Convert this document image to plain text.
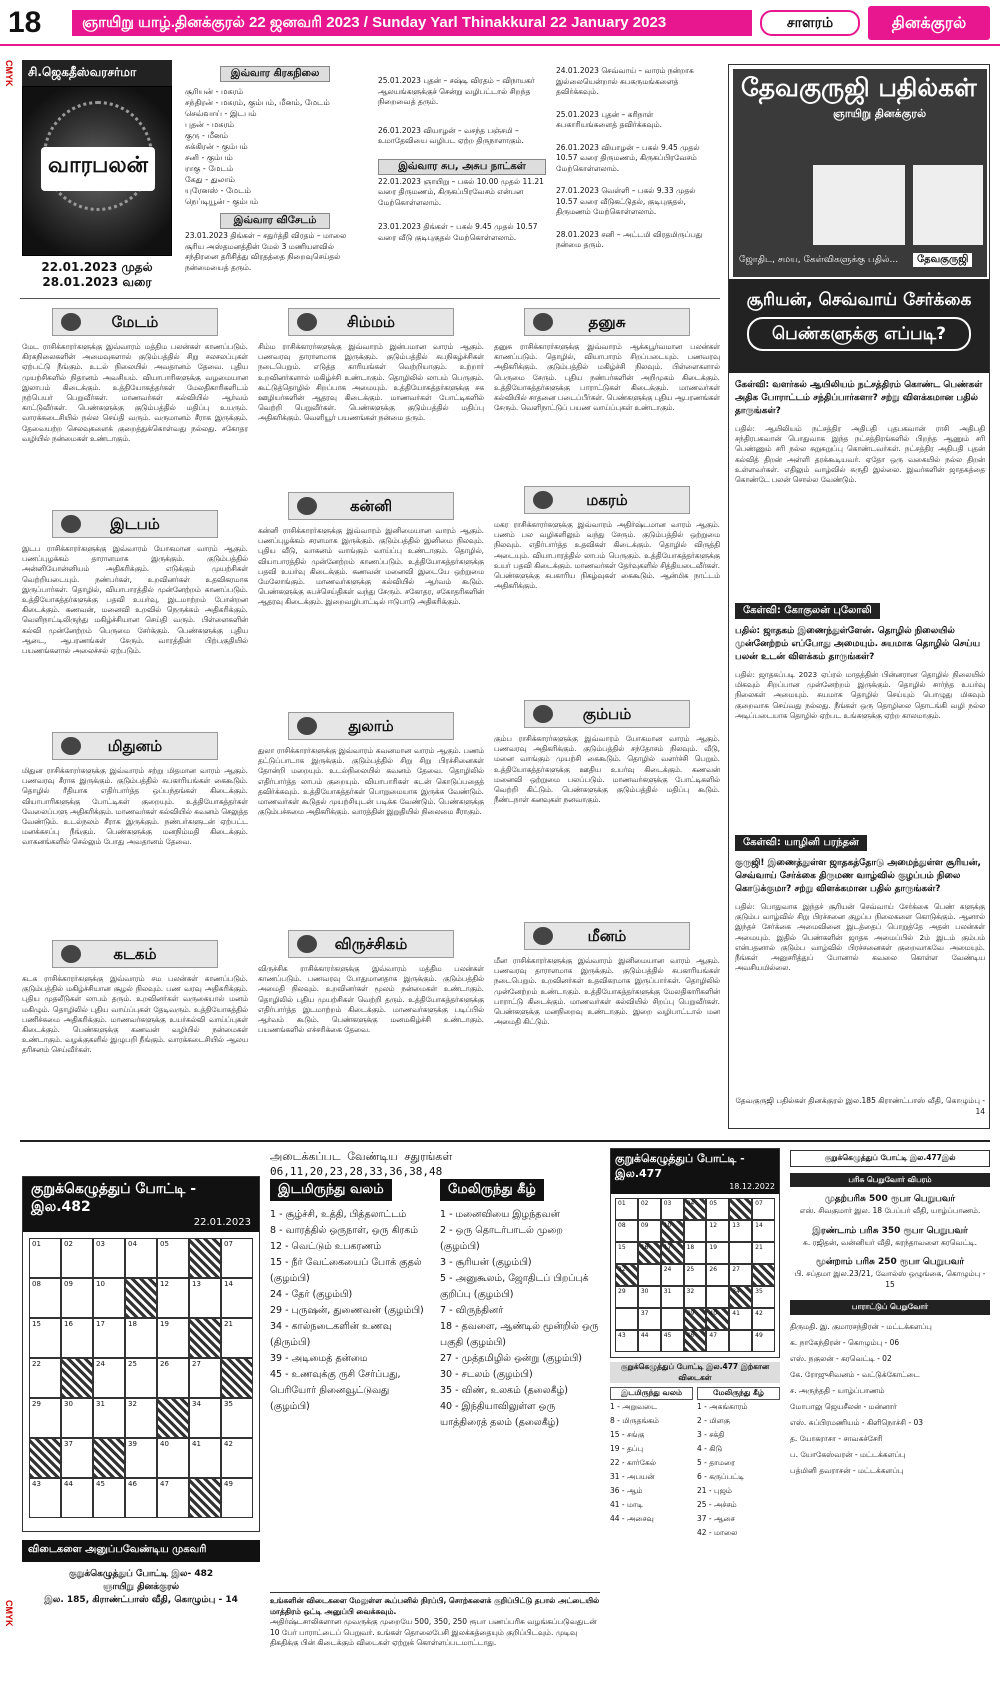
18	ஞாயிறு யாழ்.தினக்குரல் 22 ஜனவரி 2023 / Sunday Yarl Thinakkural 22 January 2023	சாளரம்	தினக்குரல்
CMYK
CMYK
சி.ஜெகதீஸ்வரசர்மா
வாரபலன்
22.01.2023 முதல்
28.01.2023 வரை
இவ்வார கிரகநிலை
சூரியன் - மகரம்
சந்திரன் - மகரம், கும்பம், மீனம், மேடம்
செவ்வாய் - இடபம்
புதன் - மகரம்
குரு - மீனம்
சுக்கிரன் - கும்பம்
சனி - கும்பம்
ராகு - மேடம்
கேது - துலாம்
யுரேனஸ் - மேடம்
நெப்டியூன் - கும்பம்
இவ்வார விசேடம்
23.01.2023 திங்கள் – சதுர்த்தி விரதம் – மாலை சூரிய அஸ்தமனத்தின் மேல் 3 மணியளவில் சந்திரனை தரிசித்து விரதத்தை நிறைவுசெய்தல் நன்மையைத் தரும்.
25.01.2023 புதன் – சஷ்டி விரதம் – விநாயகர் ஆலயங்களுக்குச் சென்று வழிபட்டால் சிறந்த நிறைவைத் தரும்.
26.01.2023 வியாழன் – வசந்த பஞ்சமி – உமாதேவியை வழிபட ஏற்ற திருநாளாகும்.
இவ்வார சுப, அசுப நாட்கள்
22.01.2023 ஞாயிறு – பகல் 10.00 முதல் 11.21 வரை திருமணம், கிருகப்பிரவேசம் என்பன மேற்கொள்ளலாம்.
23.01.2023 திங்கள் – பகல் 9.45 முதல் 10.57 வரை வீடு குடிபுகுதல் மேற்கொள்ளலாம்.
24.01.2023 செவ்வாய் – வாரம் நன்றாக இல்லையென்றால் சுபகருமங்களைத் தவிர்க்கவும்.
25.01.2023 புதன் – கரிநாள் சுபகாரியங்களைத் தவிர்க்கவும்.
26.01.2023 வியாழன் – பகல் 9.45 முதல் 10.57 வரை திருமணம், கிருகப்பிரவேசம் மேற்கொள்ளலாம்.
27.01.2023 வெள்ளி – பகல் 9.33 முதல் 10.57 வரை வீடுகட்டுதல், குடிபுகுதல், திருமணம் மேற்கொள்ளலாம்.
28.01.2023 சனி – அட்டமி விரதமிருப்பது நன்மை தரும்.
மேடம்
மேட ராசிக்காரர்களுக்கு இவ்வாரம் மத்திம பலன்கள் காணப்படும். கிரகநிலைகளின் அமைவுகளால் குடும்பத்தில் சிறு சலசலப்புகள் ஏற்பட்டு நீங்கும். உடல் நிலையில் அவதானம் தேவை. புதிய முயற்சிகளில் நிதானம் அவசியம். வியாபாரிகளுக்கு வழமையான இலாபம் கிடைக்கும். உத்தியோகத்தர்கள் மேலதிகாரிகளிடம் நற்பெயர் பெறுவீர்கள். மாணவர்கள் கல்வியில் ஆர்வம் காட்டுவீர்கள். பெண்களுக்கு குடும்பத்தில் மதிப்பு உயரும். வாரக்கடைசியில் நல்ல செய்தி வரும். வருமானம் சீராக இருக்கும். தேவையற்ற செலவுகளைக் குறைத்துக்கொள்வது நல்லது. சகோதர வழியில் நன்மைகள் உண்டாகும்.
இடபம்
இடப ராசிக்காரர்களுக்கு இவ்வாரம் யோகமான வாரம் ஆகும். பணப்புழக்கம் தாராளமாக இருக்கும். குடும்பத்தில் அன்னியோன்னியம் அதிகரிக்கும். எடுக்கும் முயற்சிகள் வெற்றியடையும். நண்பர்கள், உறவினர்கள் உதவிகரமாக இருப்பார்கள். தொழில், வியாபாரத்தில் முன்னேற்றம் காணப்படும். உத்தியோகத்தர்களுக்கு பதவி உயர்வு, இடமாற்றம் போன்றன கிடைக்கும். கணவன், மனைவி உறவில் நெருக்கம் அதிகரிக்கும். வெளிநாட்டிலிருந்து மகிழ்ச்சியான செய்தி வரும். பிள்ளைகளின் கல்வி முன்னேற்றம் பெருமை சேர்க்கும். பெண்களுக்கு புதிய ஆடை, ஆபரணங்கள் சேரும். வாரத்தின் பிற்பகுதியில் பயணங்களால் அலைச்சல் ஏற்படும்.
மிதுனம்
மிதுன ராசிக்காரர்களுக்கு இவ்வாரம் சற்று மிதமான வாரம் ஆகும். பணவரவு சீராக இருக்கும். குடும்பத்தில் சுபகாரியங்கள் கைகூடும். தொழில் ரீதியாக எதிர்பார்த்த ஒப்பந்தங்கள் கிடைக்கும். வியாபாரிகளுக்கு போட்டிகள் குறையும். உத்தியோகத்தர்கள் வேலைப்பளு அதிகரிக்கும். மாணவர்கள் கல்வியில் கவனம் செலுத்த வேண்டும். உடல்நலம் சீராக இருக்கும். நண்பர்களுடன் ஏற்பட்ட மனக்கசப்பு நீங்கும். பெண்களுக்கு மனநிம்மதி கிடைக்கும். வாகனங்களில் செல்லும் போது அவதானம் தேவை.
கடகம்
கடக ராசிக்காரர்களுக்கு இவ்வாரம் சம பலன்கள் காணப்படும். குடும்பத்தில் மகிழ்ச்சியான சூழல் நிலவும். பண வரவு அதிகரிக்கும். புதிய முதலீடுகள் லாபம் தரும். உறவினர்கள் வருகையால் மனம் மகிழும். தொழிலில் புதிய வாய்ப்புகள் தேடிவரும். உத்தியோகத்தில் பணிச்சுமை அதிகரிக்கும். மாணவர்களுக்கு உயர்கல்வி வாய்ப்புகள் கிடைக்கும். பெண்களுக்கு கணவன் வழியில் நன்மைகள் உண்டாகும். வழக்குகளில் இழுபறி நீங்கும். வாரக்கடைசியில் ஆலய தரிசனம் செய்வீர்கள்.
சிம்மம்
சிம்ம ராசிக்காரர்களுக்கு இவ்வாரம் இன்பமான வாரம் ஆகும். பணவரவு தாராளமாக இருக்கும். குடும்பத்தில் சுபநிகழ்ச்சிகள் நடைபெறும். எடுத்த காரியங்கள் வெற்றியாகும். உற்றார் உறவினர்களால் மகிழ்ச்சி உண்டாகும். தொழிலில் லாபம் பெருகும். கூட்டுத்தொழில் சிறப்பாக அமையும். உத்தியோகத்தர்களுக்கு சக ஊழியர்களின் ஆதரவு கிடைக்கும். மாணவர்கள் போட்டிகளில் வெற்றி பெறுவீர்கள். பெண்களுக்கு குடும்பத்தில் மதிப்பு அதிகரிக்கும். வெளியூர் பயணங்கள் நன்மை தரும்.
கன்னி
கன்னி ராசிக்காரர்களுக்கு இவ்வாரம் இனிமையான வாரம் ஆகும். பணப்புழக்கம் சரளமாக இருக்கும். குடும்பத்தில் இனிமை நிலவும். புதிய வீடு, வாகனம் வாங்கும் வாய்ப்பு உண்டாகும். தொழில், வியாபாரத்தில் முன்னேற்றம் காணப்படும். உத்தியோகத்தர்களுக்கு பதவி உயர்வு கிடைக்கும். கணவன் மனைவி இடையே ஒற்றுமை மேலோங்கும். மாணவர்களுக்கு கல்வியில் ஆர்வம் கூடும். பெண்களுக்கு சுபச்செய்திகள் வந்து சேரும். சகோதர, சகோதரிகளின் ஆதரவு கிடைக்கும். இறைவழிபாட்டில் ஈடுபாடு அதிகரிக்கும்.
துலாம்
துலா ராசிக்காரர்களுக்கு இவ்வாரம் கவனமான வாரம் ஆகும். பணம் தட்டுப்பாடாக இருக்கும். குடும்பத்தில் சிறு சிறு பிரச்சினைகள் தோன்றி மறையும். உடல்நிலையில் கவனம் தேவை. தொழிலில் எதிர்பார்த்த லாபம் குறையும். வியாபாரிகள் கடன் கொடுப்பதைத் தவிர்க்கவும். உத்தியோகத்தர்கள் பொறுமையாக இருக்க வேண்டும். மாணவர்கள் கூடுதல் முயற்சியுடன் படிக்க வேண்டும். பெண்களுக்கு குடும்பச்சுமை அதிகரிக்கும். வாரத்தின் இறுதியில் நிலைமை சீராகும்.
விருச்சிகம்
விருச்சிக ராசிக்காரர்களுக்கு இவ்வாரம் மத்திம பலன்கள் காணப்படும். பணவரவு போதுமானதாக இருக்கும். குடும்பத்தில் அமைதி நிலவும். உறவினர்கள் மூலம் நன்மைகள் உண்டாகும். தொழிலில் புதிய முயற்சிகள் வெற்றி தரும். உத்தியோகத்தர்களுக்கு எதிர்பார்த்த இடமாற்றம் கிடைக்கும். மாணவர்களுக்கு படிப்பில் ஆர்வம் கூடும். பெண்களுக்கு மனமகிழ்ச்சி உண்டாகும். பயணங்களில் எச்சரிக்கை தேவை.
தனுசு
தனுசு ராசிக்காரர்களுக்கு இவ்வாரம் ஆக்கபூர்வமான பலன்கள் காணப்படும். தொழில், வியாபாரம் சிறப்படையும். பணவரவு அதிகரிக்கும். குடும்பத்தில் மகிழ்ச்சி நிலவும். பிள்ளைகளால் பெருமை சேரும். புதிய நண்பர்களின் அறிமுகம் கிடைக்கும். உத்தியோகத்தர்களுக்கு பாராட்டுகள் கிடைக்கும். மாணவர்கள் கல்வியில் சாதனை படைப்பீர்கள். பெண்களுக்கு புதிய ஆபரணங்கள் சேரும். வெளிநாட்டுப் பயண வாய்ப்புகள் உண்டாகும்.
மகரம்
மகர ராசிக்காரர்களுக்கு இவ்வாரம் அதிர்ஷ்டமான வாரம் ஆகும். பணம் பல வழிகளிலும் வந்து சேரும். குடும்பத்தில் ஒற்றுமை நிலவும். எதிர்பார்த்த உதவிகள் கிடைக்கும். தொழில் விருத்தி அடையும். வியாபாரத்தில் லாபம் பெருகும். உத்தியோகத்தர்களுக்கு உயர் பதவி கிடைக்கும். மாணவர்கள் தேர்வுகளில் சித்தியடைவீர்கள். பெண்களுக்கு சுபகாரிய நிகழ்வுகள் கைகூடும். ஆன்மிக நாட்டம் அதிகரிக்கும்.
கும்பம்
கும்ப ராசிக்காரர்களுக்கு இவ்வாரம் யோகமான வாரம் ஆகும். பணவரவு அதிகரிக்கும். குடும்பத்தில் சந்தோசம் நிலவும். வீடு, மனை வாங்கும் முயற்சி கைகூடும். தொழில் வளர்ச்சி பெறும். உத்தியோகத்தர்களுக்கு ஊதிய உயர்வு கிடைக்கும். கணவன் மனைவி ஒற்றுமை பலப்படும். மாணவர்களுக்கு போட்டிகளில் வெற்றி கிட்டும். பெண்களுக்கு குடும்பத்தில் மதிப்பு கூடும். நீண்டநாள் கனவுகள் நனவாகும்.
மீனம்
மீன ராசிக்காரர்களுக்கு இவ்வாரம் இனிமையான வாரம் ஆகும். பணவரவு தாராளமாக இருக்கும். குடும்பத்தில் சுபகாரியங்கள் நடைபெறும். உறவினர்கள் உதவிகரமாக இருப்பார்கள். தொழிலில் முன்னேற்றம் உண்டாகும். உத்தியோகத்தர்களுக்கு மேலதிகாரிகளின் பாராட்டு கிடைக்கும். மாணவர்கள் கல்வியில் சிறப்பு பெறுவீர்கள். பெண்களுக்கு மனநிறைவு உண்டாகும். இறை வழிபாட்டால் மன அமைதி கிட்டும்.
தேவகுருஜி பதில்கள்
ஞாயிறு தினக்குரல்
ஜோதிட, சமய, கேள்விகளுக்கு பதில்...	தேவகுருஜி
சூரியன், செவ்வாய் சேர்க்கை
பெண்களுக்கு எப்படி?
கேள்வி: வளர்கல் ஆயிலியம் நட்சத்திரம் கொண்ட பெண்கள் அதிக போராட்டம் சந்திப்பார்களா? சற்று விளக்கமான பதில் தாருங்கள்?
பதில்: ஆயிலியம் நட்சத்திர அதிபதி புதபகவான் ராசி அதிபதி சந்திரபகவான் பொதுவாக இந்த நட்சத்திரங்களில் பிறந்த ஆணும் சரி பெண்ணும் சரி நல்ல சுறுசுறுப்பு கொண்டவர்கள். நட்சத்திர அதிபதி புதன் கல்வித் திறன் அள்ளி தரக்கூடியவர். ஏதோ ஒரு வகையில் நல்ல திறன் உள்ளவர்கள். எதிலும் வாழ்வில் சுருதி இல்லை. இவர்களின் ஜாதகத்தை கொண்டே பலன் சொல்ல வேண்டும்.
கேள்வி: கோகுலன் புலோலி
பதில்: ஜாதகம் இணைந்துள்ளேன். தொழில் நிலையில் முன்னேற்றம் எப்போது அமையும். சுயமாக தொழில் செய்ய பலன் உடன் விளக்கம் தாருங்கள்?
பதில்: ஜாதகப்படி 2023 ஏப்ரல் மாதத்தின் பின்னரான தொழில் நிலையில் மிகவும் சிறப்பான முன்னேற்றம் இருக்கும். தொழில் சார்ந்த உயர்வு நிலைகள் அமையும். சுயமாக தொழில் செய்யும் பொழுது மிகவும் குறைவாக செய்வது நல்லது. நீங்கள் ஒரு தொழிலை தொடங்கி வழி நல்ல அடிப்படையாக தொழில் ஏற்பட உங்களுக்கு ஏற்ற காலமாகும்.
கேள்வி: யாழினி பரந்தன்
குருஜி! இணைத்துள்ள ஜாதகத்தோடு அமைந்துள்ள சூரியன், செவ்வாய் சேர்க்கை திருமண வாழ்வில் குழப்பம் நிலை கொடுக்குமா? சற்று விளக்கமான பதில் தாருங்கள்?
பதில்: பொதுவாக இந்தச் சூரியன் செவ்வாய் சேர்க்கை பெண் களுக்கு குடும்ப வாழ்வில் சிறு பிரச்சனை குழப்ப நிலைகளை கொடுக்கும். ஆனால் இந்தச் சேர்க்கை அமைவினை இடத்தைப் பொறுத்தே அதன் பலன்கள் அமையும். இதில் பெண்களின் ஜாதக அமைப்பில் 2ம் இடம் கும்பம் என்பதனால் குடும்ப வாழ்வில் பிரச்சனைகள் குறைவாகவே அமையும். நீங்கள் அனுசரித்துப் போனால் கவலை கொள்ள வேண்டிய அவசியமில்லை.
தேவகுருஜி பதில்கள் தினக்குரல் இல.185 கிராண்ட்பாஸ் வீதி, கொழும்பு - 14
குறுக்கெழுத்துப் போட்டி - இல.482
22.01.2023
01	02	03	04	05	07
08	09	10	12	13	14
15	16	17	18	19	21
22	24	25	26	27
29	30	31	32	34	35
37	39	40	41	42
43	44	45	46	47	49
விடைகளை அனுப்பவேண்டிய முகவரி
குறுக்கெழுத்துப் போட்டி இல- 482
ஞாயிறு தினக்குரல்
இல. 185, கிராண்ட்பாஸ் வீதி, கொழும்பு - 14
அடைக்கப்பட வேண்டிய சதுரங்கள் 06,11,20,23,28,33,36,38,48
இடமிருந்து வலம்
1 - சூழ்ச்சி, உத்தி, பித்தலாட்டம்
8 - வாரத்தில் ஒருநாள், ஒரு கிரகம்
12 - வெட்டும் உபகரணம்
15 - நீர் வேட்கையைப் போக் குதல் (குழம்பி)
24 - தேர் (குழம்பி)
29 - புருஷன், துணைவன் (குழம்பி)
34 - கால்நடைகளின் உணவு (திரும்பி)
39 - அடிமைத் தன்மை
45 - உணவுக்கு ருசி சேர்ப்பது, பெரியோர் நினைவூட்டுவது (குழம்பி)
மேலிருந்து கீழ்
1 - மனைவியை இழந்தவன்
2 - ஒரு தொடர்பாடல் முறை (குழம்பி)
3 - சூரியன் (குழம்பி)
5 - அனுகூலம், ஜோதிடப் பிறப்புக் குறிப்பு (குழம்பி)
7 - விருந்தினர்
18 - தவளை, ஆண்டில் மூன்றில் ஒரு பகுதி (குழம்பி)
27 - முத்தமிழில் ஒன்று (குழம்பி)
30 - சடலம் (குழம்பி)
35 - விண், உலகம் (தலைகீழ்)
40 - இந்தியாவிலுள்ள ஒரு யாத்திரைத் தலம் (தலைகீழ்)
உங்களின் விடைகளை மேலுள்ள கூப்பனில் நிரப்பி, சொற்களைக் குறிப்பிட்டு தபால் அட்டையில் மாத்திரம் ஒட்டி அனுப்பி வைக்கவும்.
அதிர்ஷ்டசாலிகளான முவருக்கு முறையே 500, 350, 250 ரூபா பணப்பரிசு வழங்கப்படுவதுடன் 10 பேர் பாராட்டைப் பெறுவர். உங்கள் தொலைபேசி இலக்கத்தையும் குறிப்பிடவும். முடிவு திகதிக்கு பின் கிடைக்கும் விடைகள் ஏற்றுக் கொள்ளப்படமாட்டாது.
குறுக்கெழுத்துப் போட்டி - இல.477
18.12.2022
01	02	03	04	05	07
08	09	10	12	13	14
15	16	17	18	19	21
22	24	25	26	27
29	30	31	32	34	35
37	39	40	41	42
43	44	45	46	47	49
குறுக்கெழுத்துப் போட்டி இல.477 இற்கான விடைகள்
இடமிருந்து வலம்
1 - அறுவடை
8 - மிருதங்கம்
15 - சங்கு
19 - தப்பு
22 - கார்கேல்
31 - அபயன்
36 - ஆம்
41 - மாடி
44 - அசைவு
மேலிருந்து கீழ்
1 - அகங்காரம்
2 - மிளகு
3 - சக்தி
4 - கிடு
5 - தாமரை
6 - கருப்பட்டி
21 - புஜம்
25 - அச்சம்
37 - ஆசை
42 - மாலை
குறுக்கெழுத்துப் போட்டி இல.477இல்
பரிசு பெறுவோர் விபரம்
முதற்பரிசு 500 ரூபா பெறுபவர்
எஸ். சிவகுமார் இல. 18 பேப்பர் வீதி, யாழ்ப்பாணம்.
இரண்டாம் பரிசு 350 ரூபா பெறுபவர்
சு. ரஜிதன், வன்னியர் வீதி, கரந்தாவளை கரவெட்டி.
மூன்றாம் பரிசு 250 ரூபா பெறுபவர்
பி. சப்தமா இல.23/21, வோல்ஸ் ஒழுங்கை, கொழும்பு - 15
பாராட்டுப் பெறுவோர்
திருமதி. இ. குமாரசந்திரன் - மட்டக்களப்பு
க. நாகேந்திரன் - கொழும்பு - 06
எஸ். நகுலன் - கரவெட்டி - 02
கே. ரோஜுசிவனம் - வட்டுக்கோட்டை
ச. அருந்ததி - யாழ்ப்பாணம்
மோபாலு ஜெயசீலன் - மன்னார்
எஸ். சுப்பிரமணியம் - கிளிநொச்சி - 03
த. யோகராசா - சாவகச்சேரி
ப. யோகேஸ்வரன் - மட்டக்களப்பு
பத்மினி தவராசன் - மட்டக்களப்பு
